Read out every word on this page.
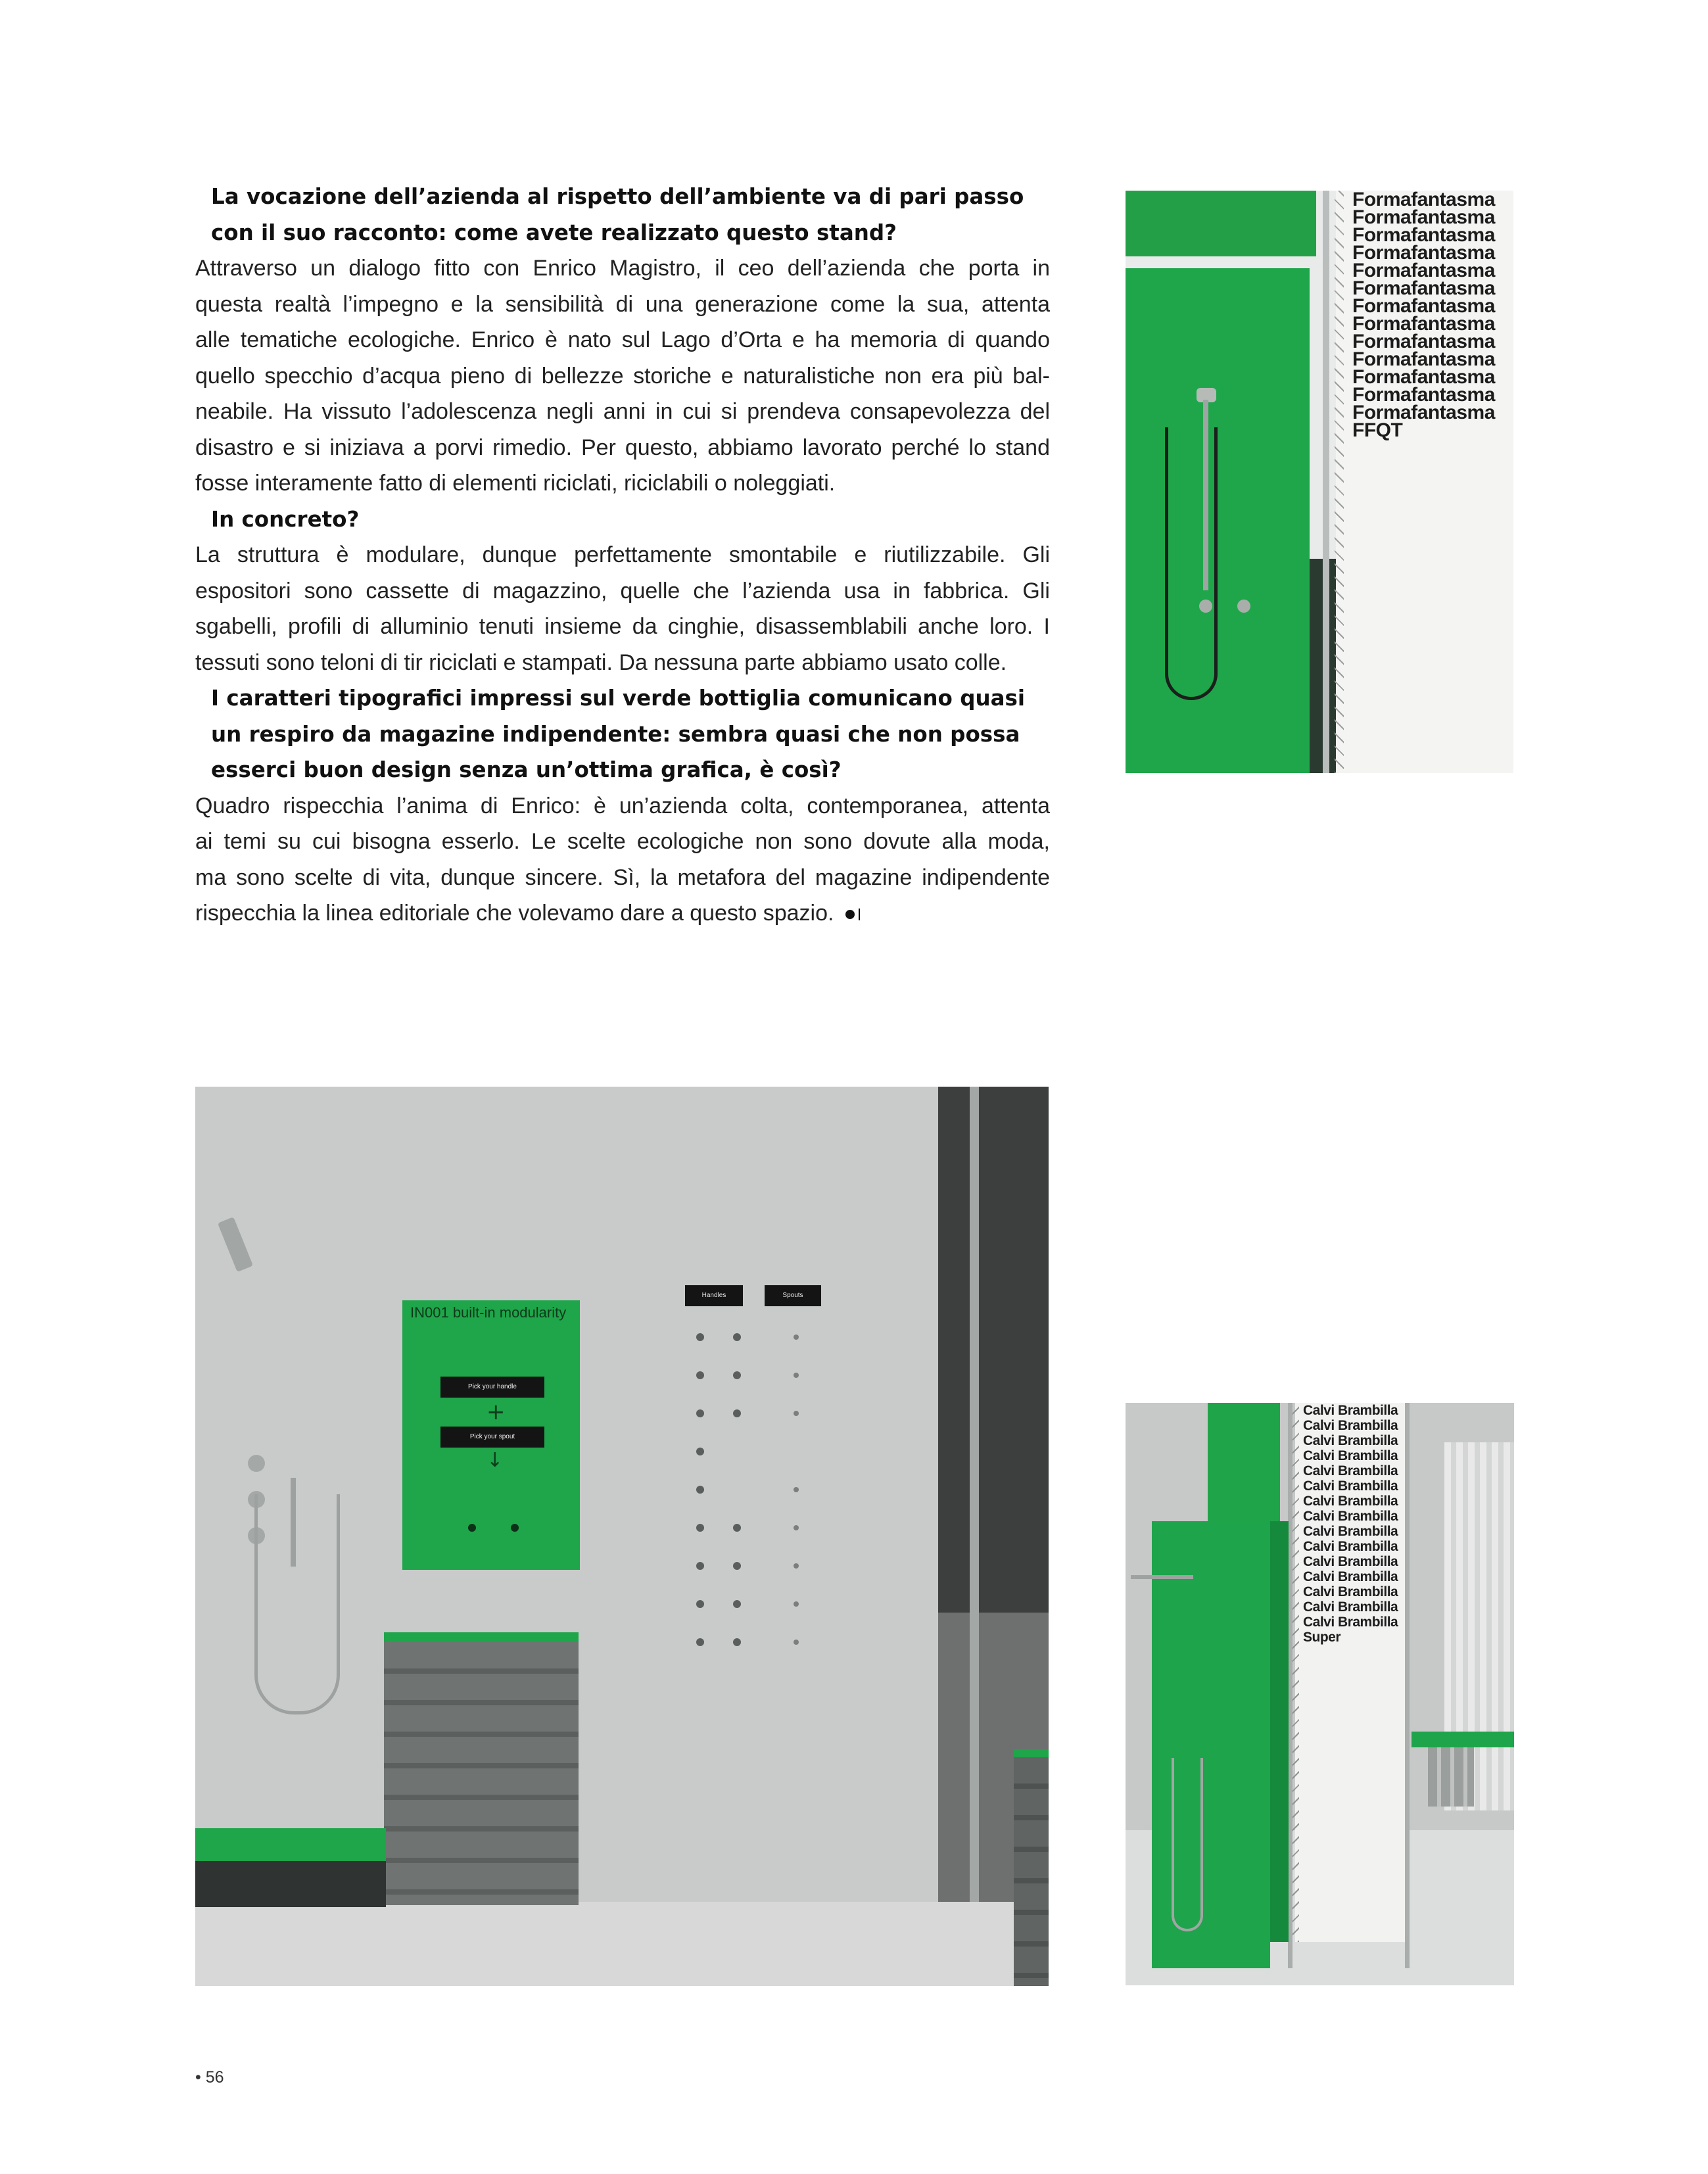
La vocazione dell’azienda al rispetto dell’ambiente va di pari passo
con il suo racconto: come avete realizzato questo stand?
Attraverso un dialogo fitto con Enrico Magistro, il ceo dell’azienda che porta in
questa realtà l’impegno e la sensibilità di una generazione come la sua, attenta
alle tematiche ecologiche. Enrico è nato sul Lago d’Orta e ha memoria di quando
quello specchio d’acqua pieno di bellezze storiche e naturalistiche non era più bal-
neabile. Ha vissuto l’adolescenza negli anni in cui si prendeva consapevolezza del
disastro e si iniziava a porvi rimedio. Per questo, abbiamo lavorato perché lo stand
fosse interamente fatto di elementi riciclati, riciclabili o noleggiati.
In concreto?
La struttura è modulare, dunque perfettamente smontabile e riutilizzabile. Gli
espositori sono cassette di magazzino, quelle che l’azienda usa in fabbrica. Gli
sgabelli, profili di alluminio tenuti insieme da cinghie, disassemblabili anche loro. I
tessuti sono teloni di tir riciclati e stampati. Da nessuna parte abbiamo usato colle.
I caratteri tipografici impressi sul verde bottiglia comunicano quasi
un respiro da magazine indipendente: sembra quasi che non possa
esserci buon design senza un’ottima grafica, è così?
Quadro rispecchia l’anima di Enrico: è un’azienda colta, contemporanea, attenta
ai temi su cui bisogna esserlo. Le scelte ecologiche non sono dovute alla moda,
ma sono scelte di vita, dunque sincere. Sì, la metafora del magazine indipendente
rispecchia la linea editoriale che volevamo dare a questo spazio.
Formafantasma
Formafantasma
Formafantasma
Formafantasma
Formafantasma
Formafantasma
Formafantasma
Formafantasma
Formafantasma
Formafantasma
Formafantasma
Formafantasma
Formafantasma
FFQT
IN001 built-in modularity
Pick your handle
+
Pick your spout
↓
Handles	Spouts
Calvi Brambilla
Calvi Brambilla
Calvi Brambilla
Calvi Brambilla
Calvi Brambilla
Calvi Brambilla
Calvi Brambilla
Calvi Brambilla
Calvi Brambilla
Calvi Brambilla
Calvi Brambilla
Calvi Brambilla
Calvi Brambilla
Calvi Brambilla
Calvi Brambilla
Super
• 56
